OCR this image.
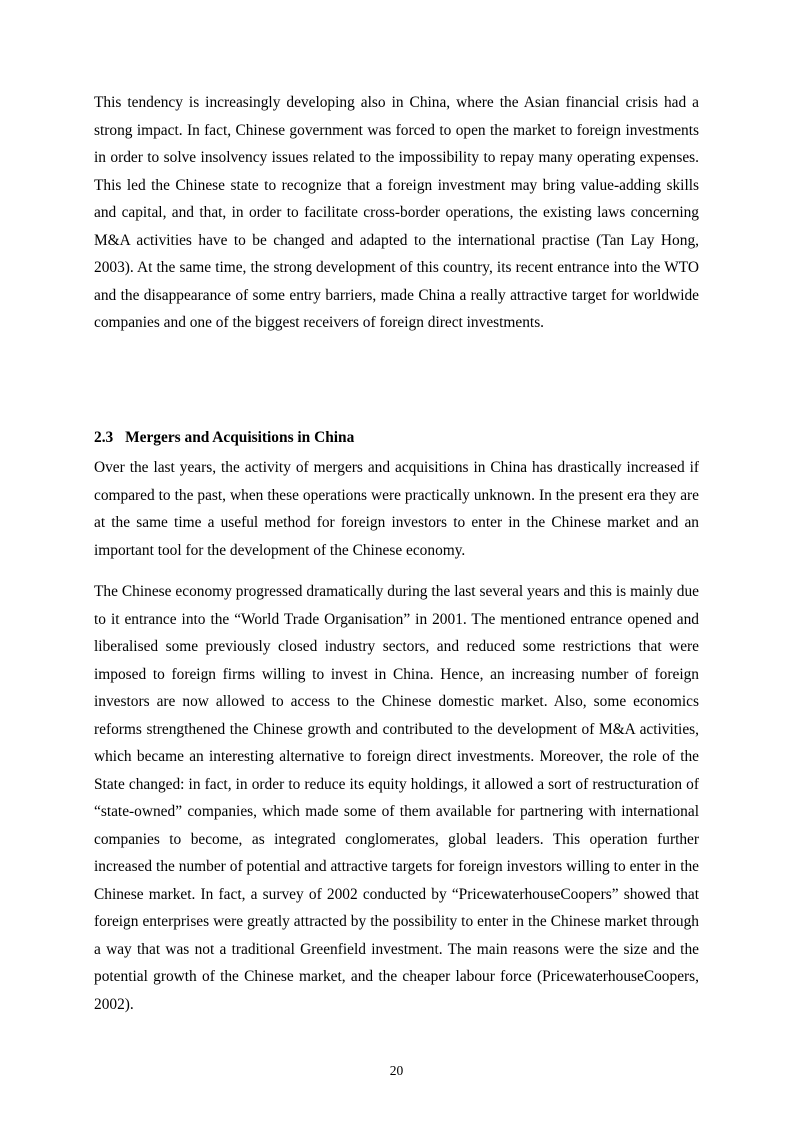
This tendency is increasingly developing also in China, where the Asian financial crisis had a strong impact. In fact, Chinese government was forced to open the market to foreign investments in order to solve insolvency issues related to the impossibility to repay many operating expenses. This led the Chinese state to recognize that a foreign investment may bring value-adding skills and capital, and that, in order to facilitate cross-border operations, the existing laws concerning M&A activities have to be changed and adapted to the international practise (Tan Lay Hong, 2003). At the same time, the strong development of this country, its recent entrance into the WTO and the disappearance of some entry barriers, made China a really attractive target for worldwide companies and one of the biggest receivers of foreign direct investments.

2.3 Mergers and Acquisitions in China

Over the last years, the activity of mergers and acquisitions in China has drastically increased if compared to the past, when these operations were practically unknown. In the present era they are at the same time a useful method for foreign investors to enter in the Chinese market and an important tool for the development of the Chinese economy.

The Chinese economy progressed dramatically during the last several years and this is mainly due to it entrance into the “World Trade Organisation” in 2001. The mentioned entrance opened and liberalised some previously closed industry sectors, and reduced some restrictions that were imposed to foreign firms willing to invest in China. Hence, an increasing number of foreign investors are now allowed to access to the Chinese domestic market. Also, some economics reforms strengthened the Chinese growth and contributed to the development of M&A activities, which became an interesting alternative to foreign direct investments. Moreover, the role of the State changed: in fact, in order to reduce its equity holdings, it allowed a sort of restructuration of “state-owned” companies, which made some of them available for partnering with international companies to become, as integrated conglomerates, global leaders. This operation further increased the number of potential and attractive targets for foreign investors willing to enter in the Chinese market. In fact, a survey of 2002 conducted by “PricewaterhouseCoopers” showed that foreign enterprises were greatly attracted by the possibility to enter in the Chinese market through a way that was not a traditional Greenfield investment. The main reasons were the size and the potential growth of the Chinese market, and the cheaper labour force (PricewaterhouseCoopers, 2002).

20
